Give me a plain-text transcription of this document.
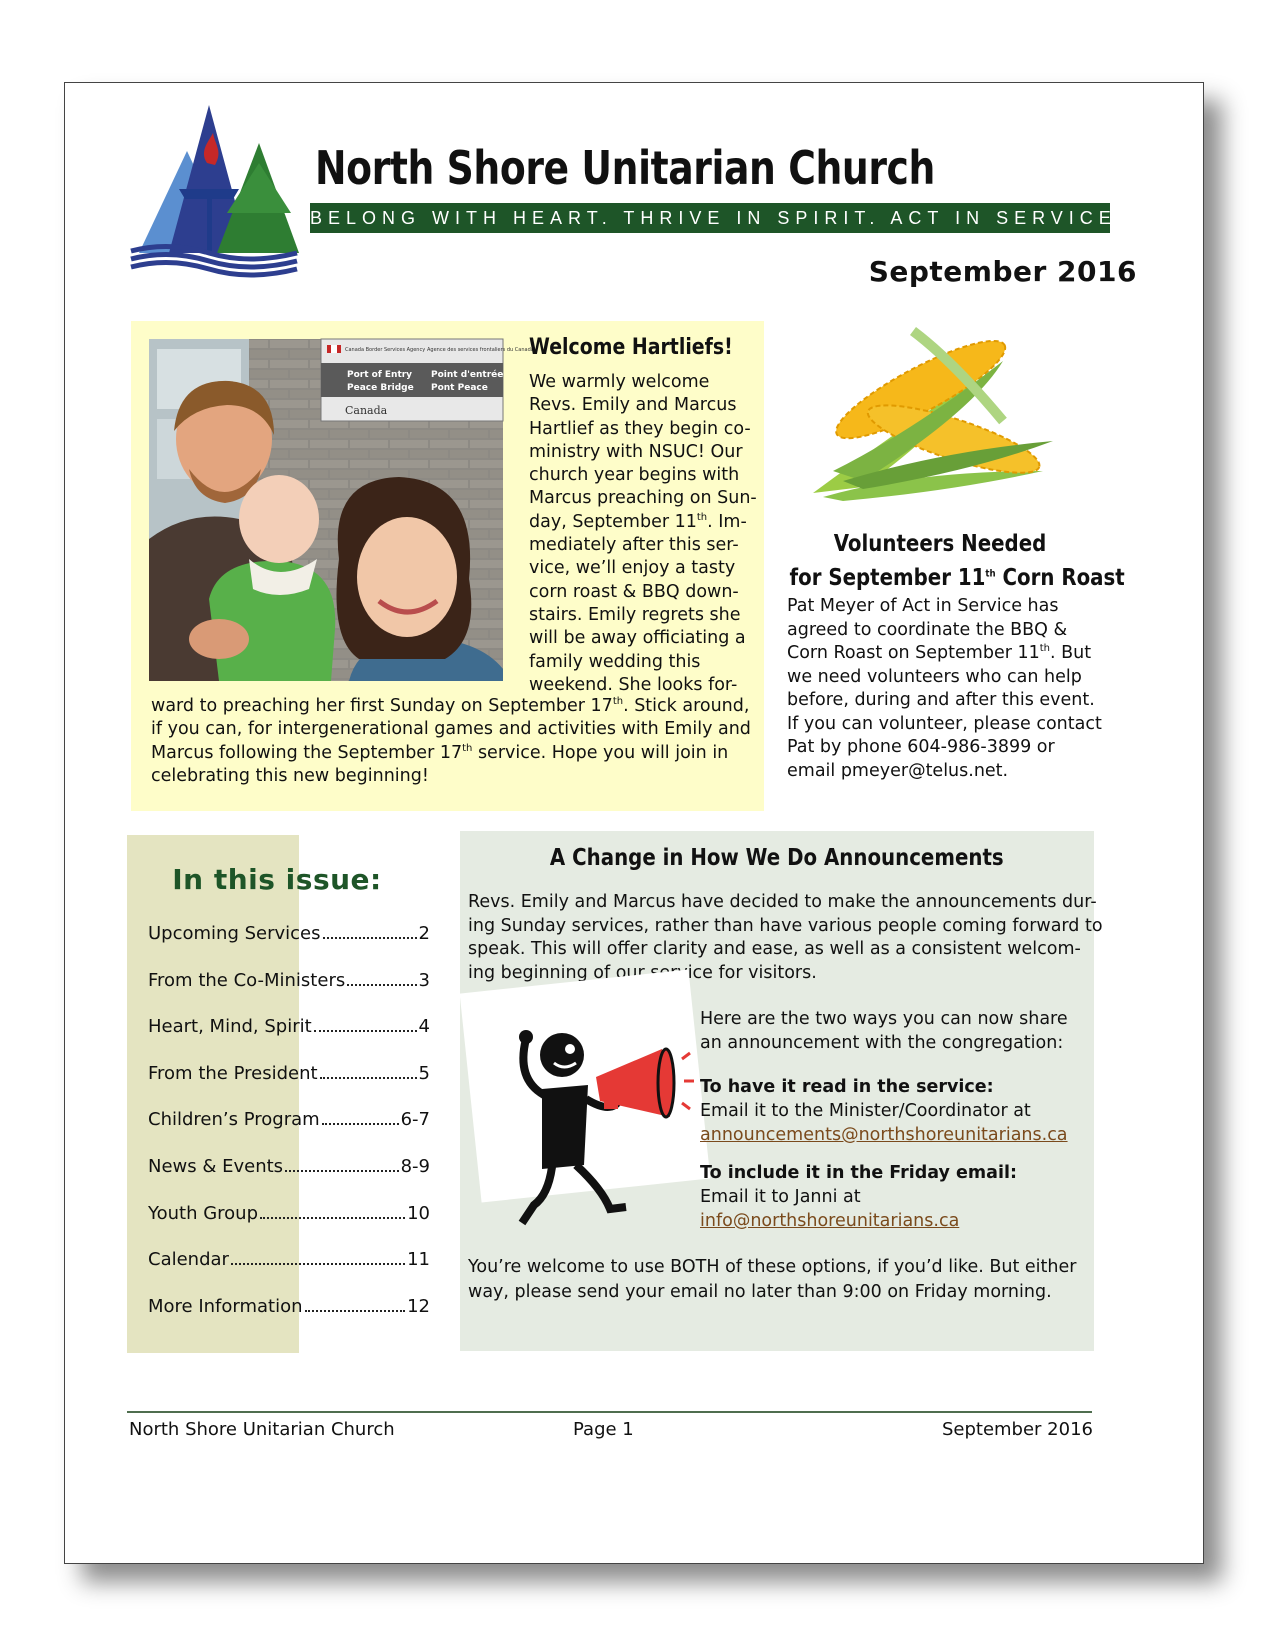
North Shore Unitarian Church
BELONG WITH HEART. THRIVE IN SPIRIT. ACT IN SERVICE
September 2016
Canada Border Services Agency Agence des services frontaliers du Canada
Port of Entry
Peace Bridge
Point d'entrée
Pont Peace
Canada
Welcome Hartliefs!
We warmly welcome
Revs. Emily and Marcus
Hartlief as they begin co-
ministry with NSUC! Our
church year begins with
Marcus preaching on Sun-
day, September 11th. Im-
mediately after this ser-
vice, we’ll enjoy a tasty
corn roast & BBQ down-
stairs. Emily regrets she
will be away officiating a
family wedding this
weekend. She looks for-
ward to preaching her first Sunday on September 17th. Stick around,
if you can, for intergenerational games and activities with Emily and
Marcus following the September 17th service. Hope you will join in
celebrating this new beginning!
Volunteers Needed
for September 11th Corn Roast
Pat Meyer of Act in Service has
agreed to coordinate the BBQ &
Corn Roast on September 11th. But
we need volunteers who can help
before, during and after this event.
If you can volunteer, please contact
Pat by phone 604-986-3899 or
email pmeyer@telus.net.
In this issue:
Upcoming Services	2
From the Co-Ministers	3
Heart, Mind, Spirit	4
From the President	5
Children’s Program	6-7
News & Events	8-9
Youth Group	10
Calendar	11
More Information	12
A Change in How We Do Announcements
Revs. Emily and Marcus have decided to make the announcements dur-
ing Sunday services, rather than have various people coming forward to
speak. This will offer clarity and ease, as well as a consistent welcom-
ing beginning of our service for visitors.
Here are the two ways you can now share
an announcement with the congregation:
To have it read in the service:
Email it to the Minister/Coordinator at
announcements@northshoreunitarians.ca
To include it in the Friday email:
Email it to Janni at
info@northshoreunitarians.ca
You’re welcome to use BOTH of these options, if you’d like. But either
way, please send your email no later than 9:00 on Friday morning.
North Shore Unitarian Church	Page 1	September 2016
